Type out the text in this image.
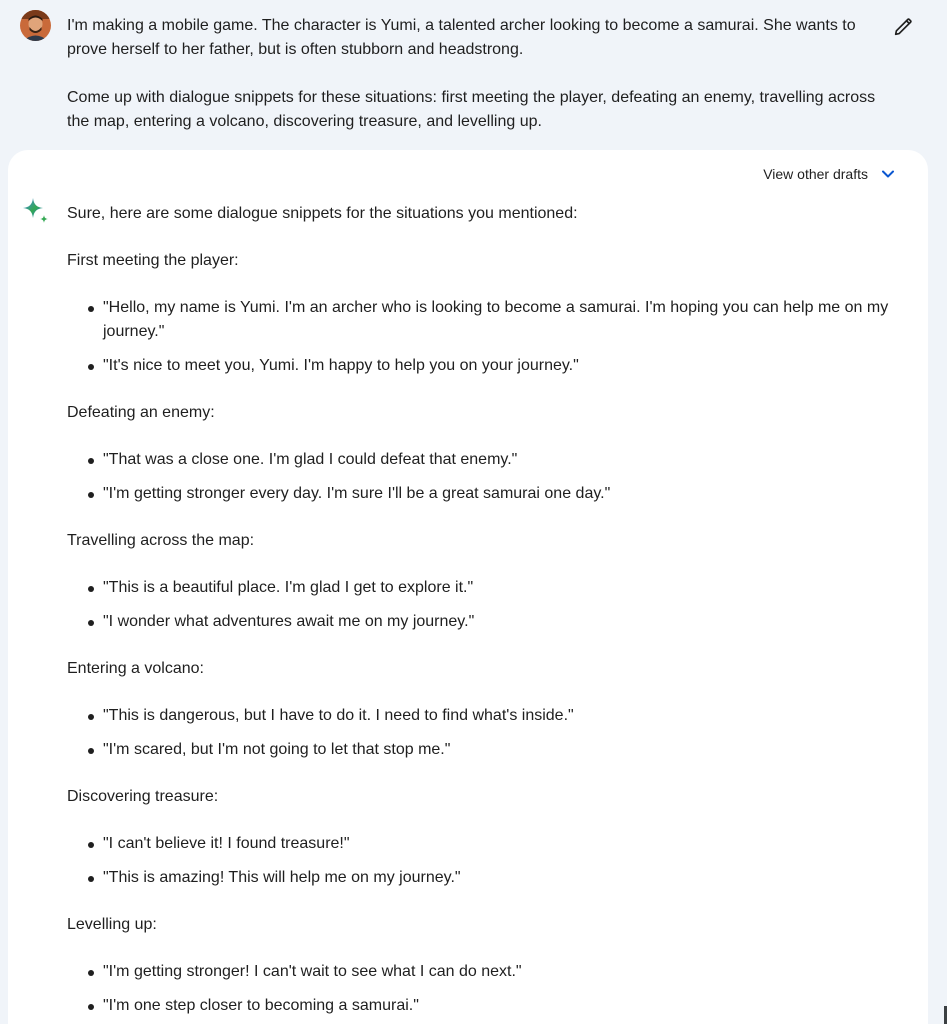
I'm making a mobile game. The character is Yumi, a talented archer looking to become a samurai. She wants to prove herself to her father, but is often stubborn and headstrong.

Come up with dialogue snippets for these situations: first meeting the player, defeating an enemy, travelling across the map, entering a volcano, discovering treasure, and levelling up.

View other drafts

Sure, here are some dialogue snippets for the situations you mentioned:

First meeting the player:
"Hello, my name is Yumi. I'm an archer who is looking to become a samurai. I'm hoping you can help me on my journey."
"It's nice to meet you, Yumi. I'm happy to help you on your journey."
Defeating an enemy:
"That was a close one. I'm glad I could defeat that enemy."
"I'm getting stronger every day. I'm sure I'll be a great samurai one day."
Travelling across the map:
"This is a beautiful place. I'm glad I get to explore it."
"I wonder what adventures await me on my journey."
Entering a volcano:
"This is dangerous, but I have to do it. I need to find what's inside."
"I'm scared, but I'm not going to let that stop me."
Discovering treasure:
"I can't believe it! I found treasure!"
"This is amazing! This will help me on my journey."
Levelling up:
"I'm getting stronger! I can't wait to see what I can do next."
"I'm one step closer to becoming a samurai."
